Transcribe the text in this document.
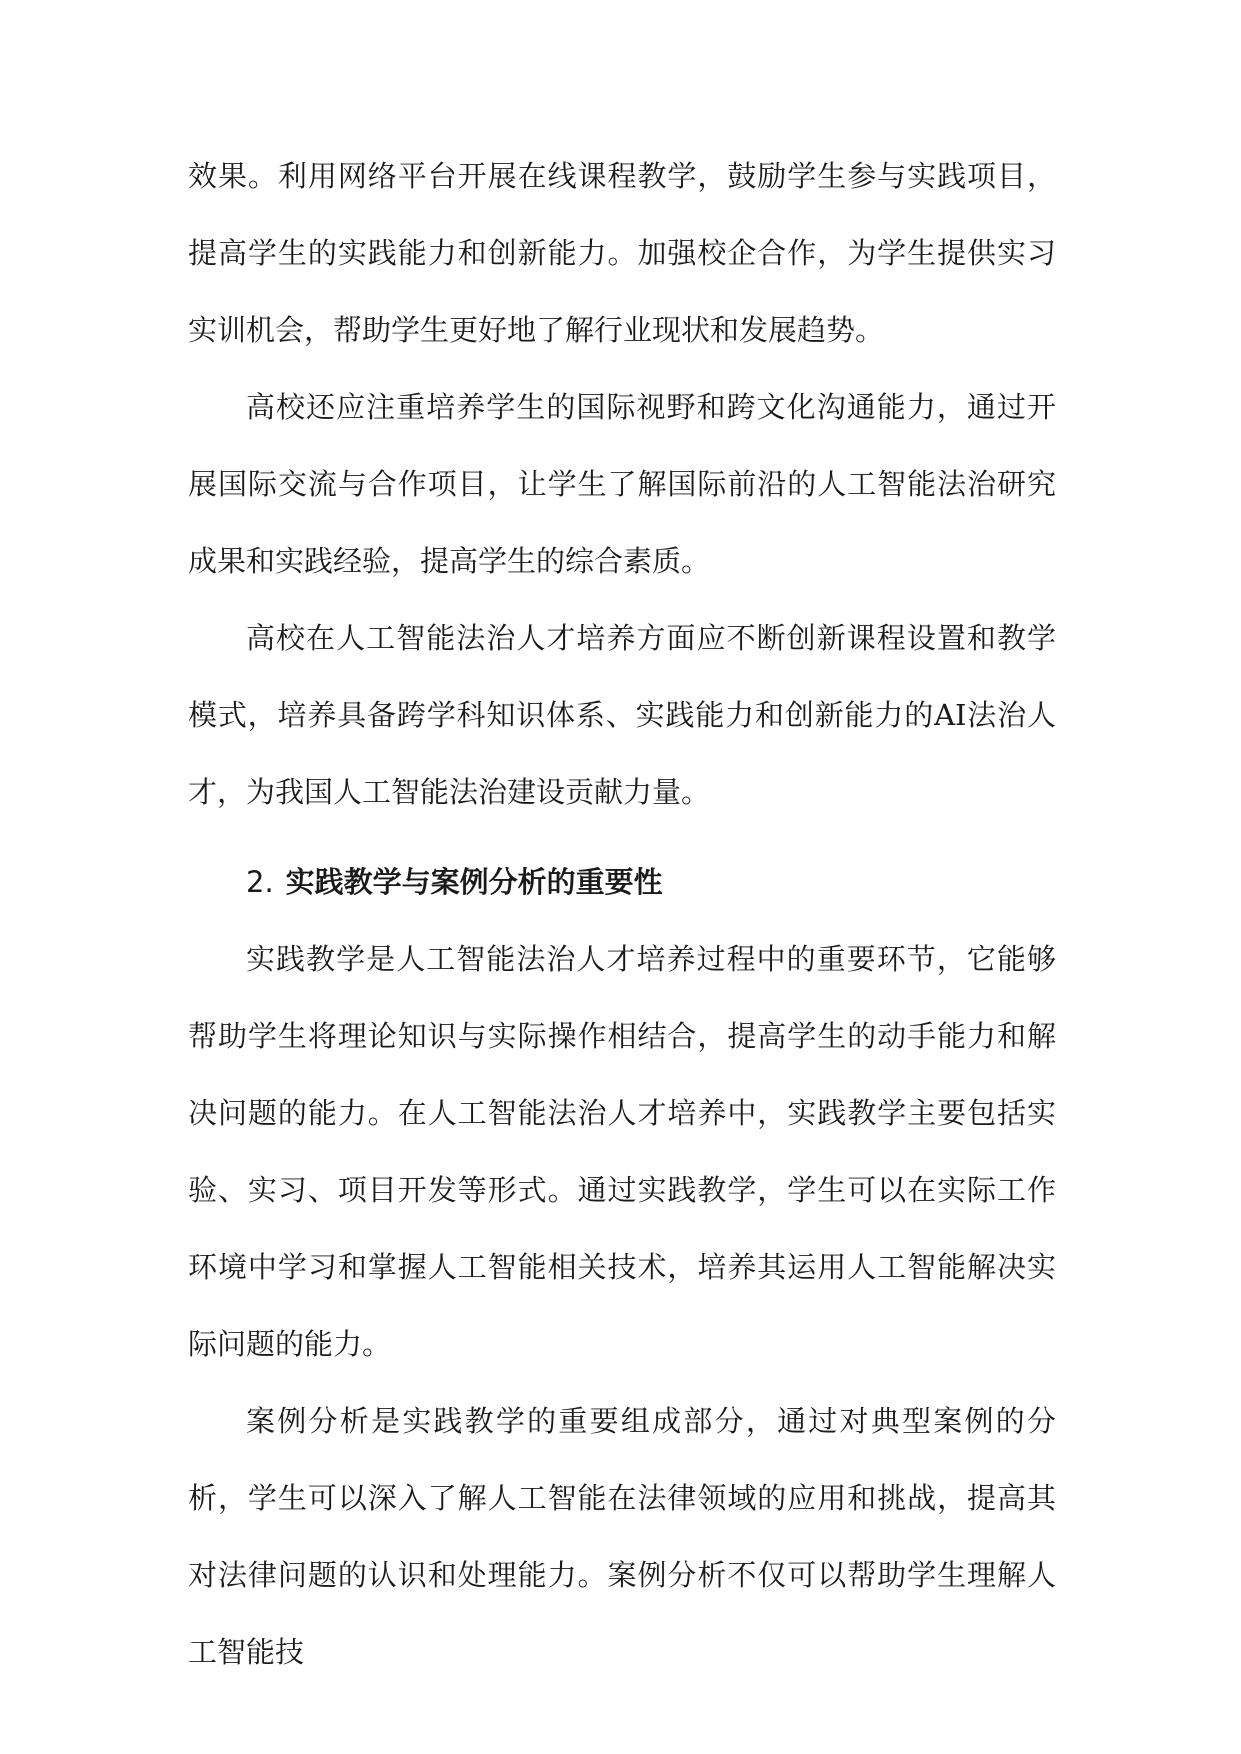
效果。利用网络平台开展在线课程教学，鼓励学生参与实践项目，提高学生的实践能力和创新能力。加强校企合作，为学生提供实习实训机会，帮助学生更好地了解行业现状和发展趋势。

高校还应注重培养学生的国际视野和跨文化沟通能力，通过开展国际交流与合作项目，让学生了解国际前沿的人工智能法治研究成果和实践经验，提高学生的综合素质。

高校在人工智能法治人才培养方面应不断创新课程设置和教学模式，培养具备跨学科知识体系、实践能力和创新能力的AI法治人才，为我国人工智能法治建设贡献力量。

2. 实践教学与案例分析的重要性

实践教学是人工智能法治人才培养过程中的重要环节，它能够帮助学生将理论知识与实际操作相结合，提高学生的动手能力和解决问题的能力。在人工智能法治人才培养中，实践教学主要包括实验、实习、项目开发等形式。通过实践教学，学生可以在实际工作环境中学习和掌握人工智能相关技术，培养其运用人工智能解决实际问题的能力。

案例分析是实践教学的重要组成部分，通过对典型案例的分析，学生可以深入了解人工智能在法律领域的应用和挑战，提高其对法律问题的认识和处理能力。案例分析不仅可以帮助学生理解人工智能技
